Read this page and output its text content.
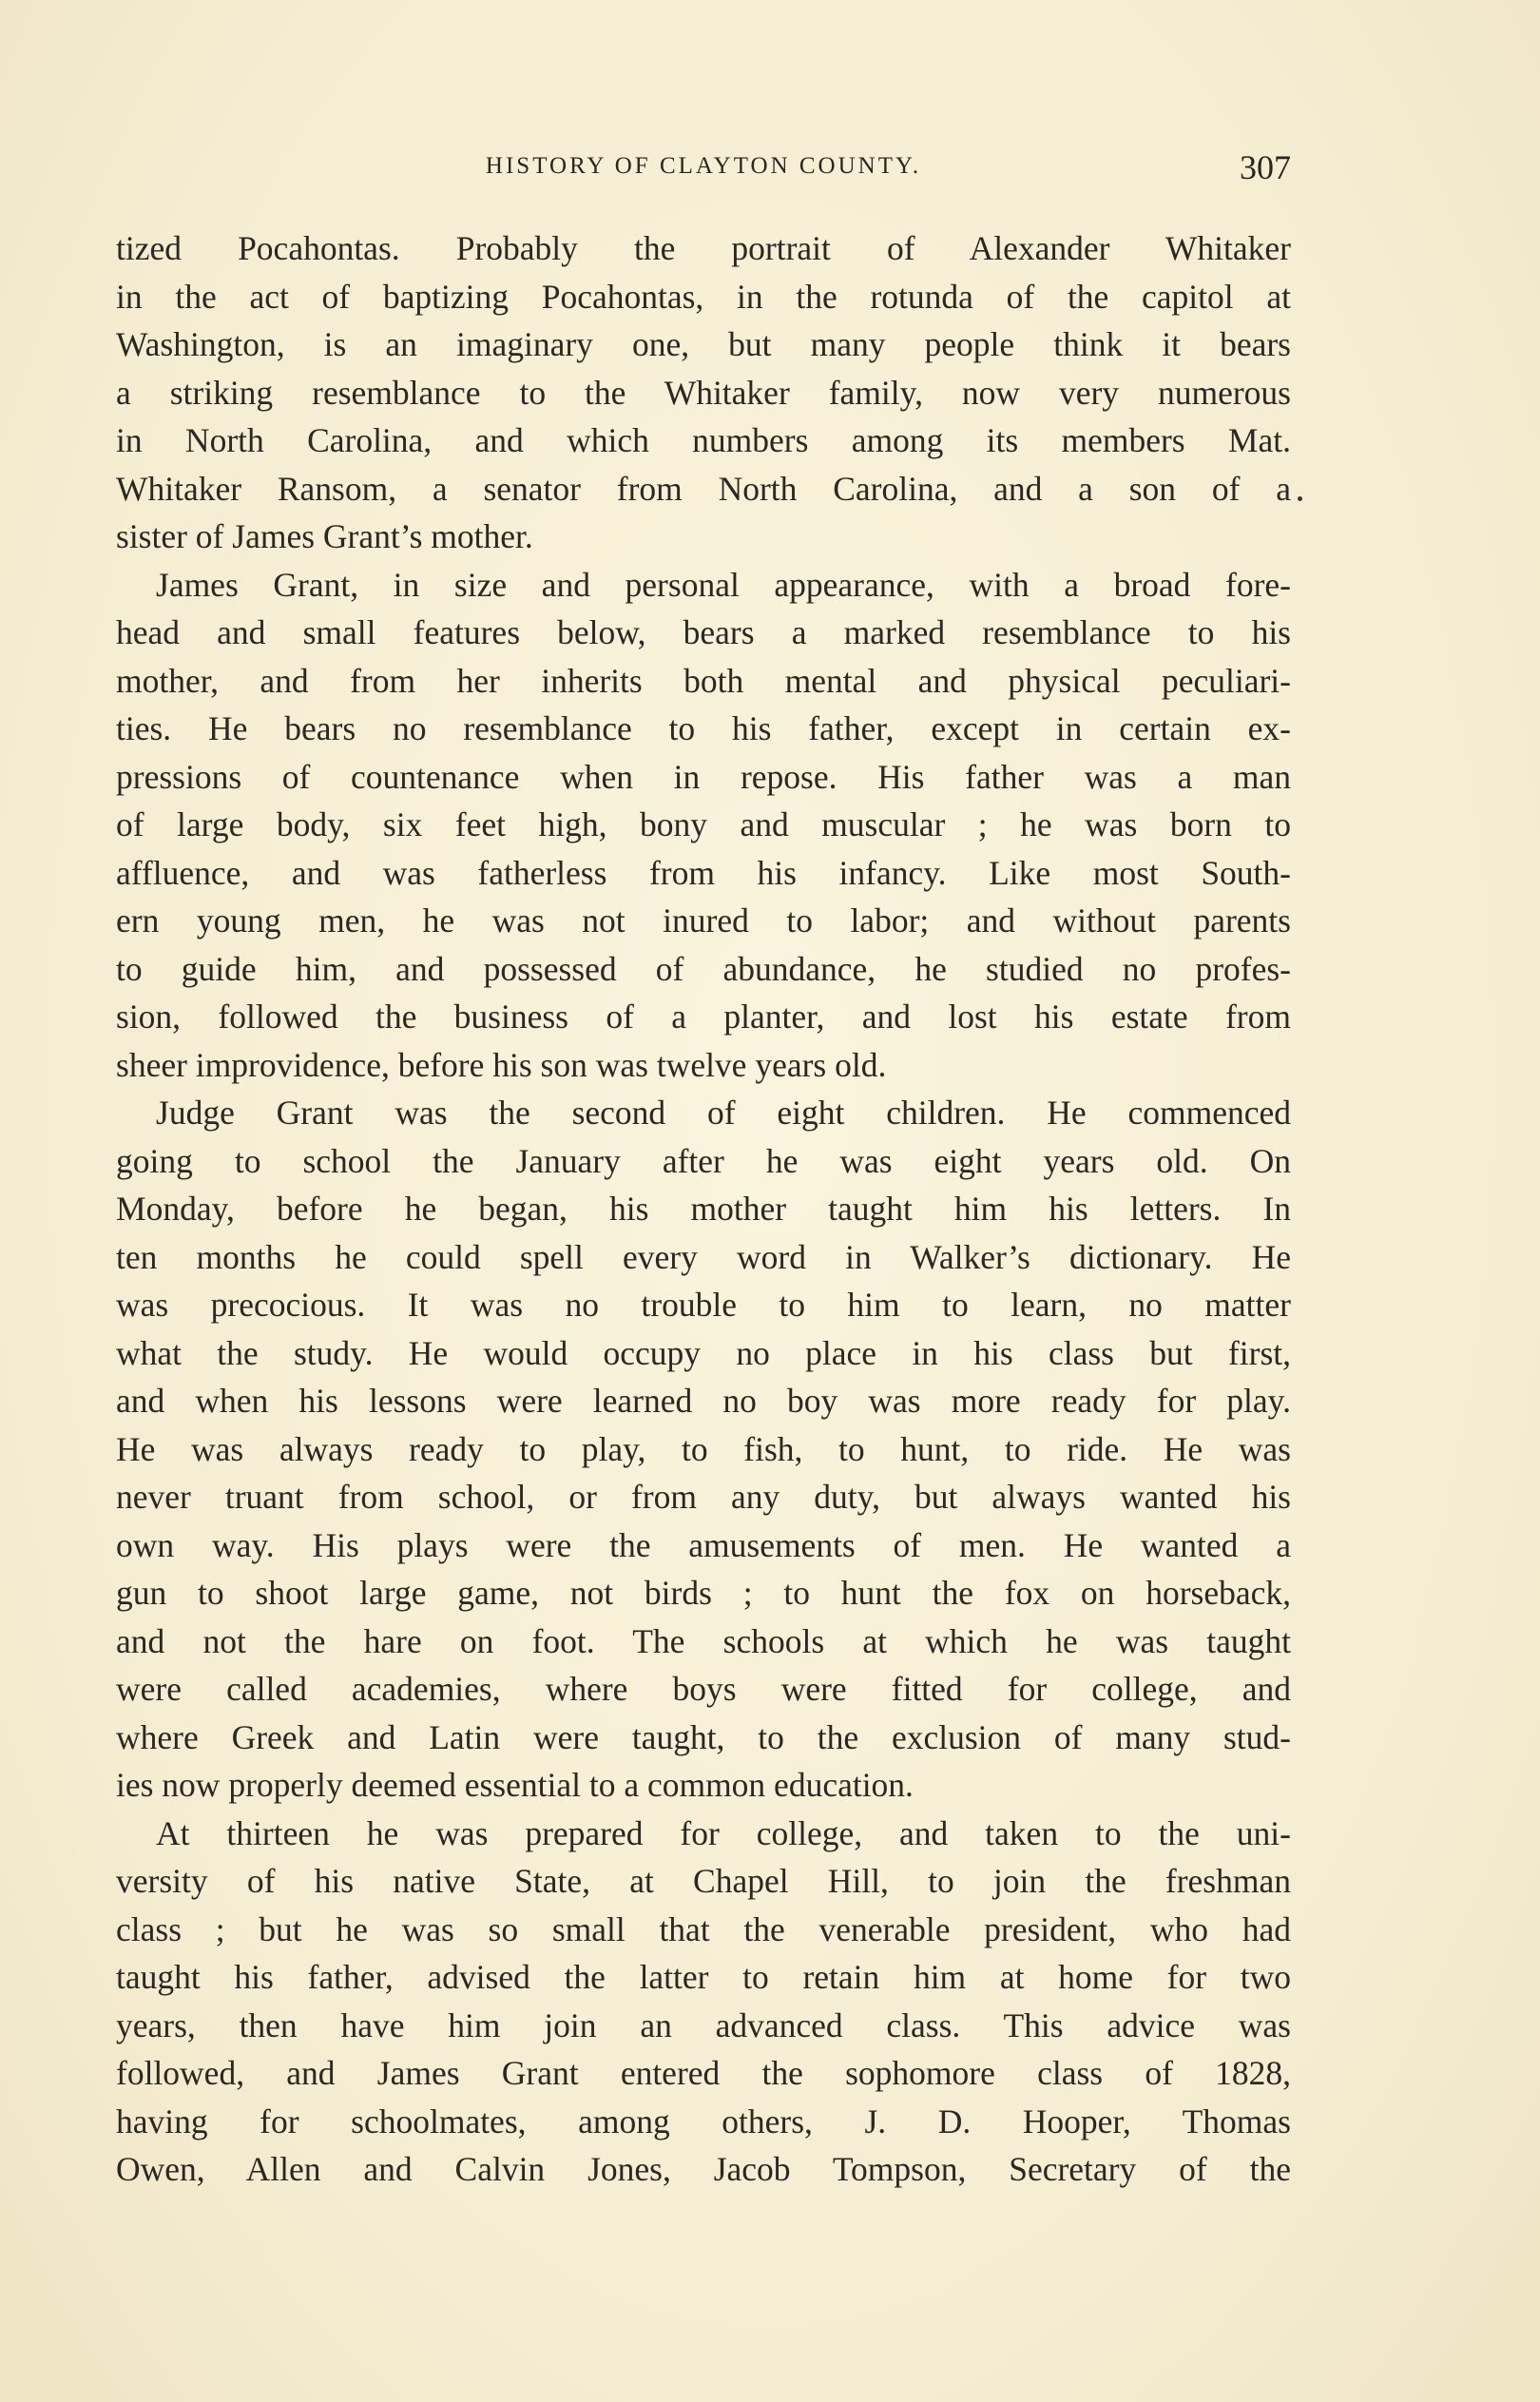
HISTORY OF CLAYTON COUNTY.	307
tized Pocahontas. Probably the portrait of Alexander Whitaker
in the act of baptizing Pocahontas, in the rotunda of the capitol at
Washington, is an imaginary one, but many people think it bears
a striking resemblance to the Whitaker family, now very numerous
in North Carolina, and which numbers among its members Mat.
Whitaker Ransom, a senator from North Carolina, and a son of a
sister of James Grant’s mother.
James Grant, in size and personal appearance, with a broad fore-
head and small features below, bears a marked resemblance to his
mother, and from her inherits both mental and physical peculiari-
ties. He bears no resemblance to his father, except in certain ex-
pressions of countenance when in repose. His father was a man
of large body, six feet high, bony and muscular ; he was born to
affluence, and was fatherless from his infancy. Like most South-
ern young men, he was not inured to labor; and without parents
to guide him, and possessed of abundance, he studied no profes-
sion, followed the business of a planter, and lost his estate from
sheer improvidence, before his son was twelve years old.
Judge Grant was the second of eight children. He commenced
going to school the January after he was eight years old. On
Monday, before he began, his mother taught him his letters. In
ten months he could spell every word in Walker’s dictionary. He
was precocious. It was no trouble to him to learn, no matter
what the study. He would occupy no place in his class but first,
and when his lessons were learned no boy was more ready for play.
He was always ready to play, to fish, to hunt, to ride. He was
never truant from school, or from any duty, but always wanted his
own way. His plays were the amusements of men. He wanted a
gun to shoot large game, not birds ; to hunt the fox on horseback,
and not the hare on foot. The schools at which he was taught
were called academies, where boys were fitted for college, and
where Greek and Latin were taught, to the exclusion of many stud-
ies now properly deemed essential to a common education.
At thirteen he was prepared for college, and taken to the uni-
versity of his native State, at Chapel Hill, to join the freshman
class ; but he was so small that the venerable president, who had
taught his father, advised the latter to retain him at home for two
years, then have him join an advanced class. This advice was
followed, and James Grant entered the sophomore class of 1828,
having for schoolmates, among others, J. D. Hooper, Thomas
Owen, Allen and Calvin Jones, Jacob Tompson, Secretary of the
